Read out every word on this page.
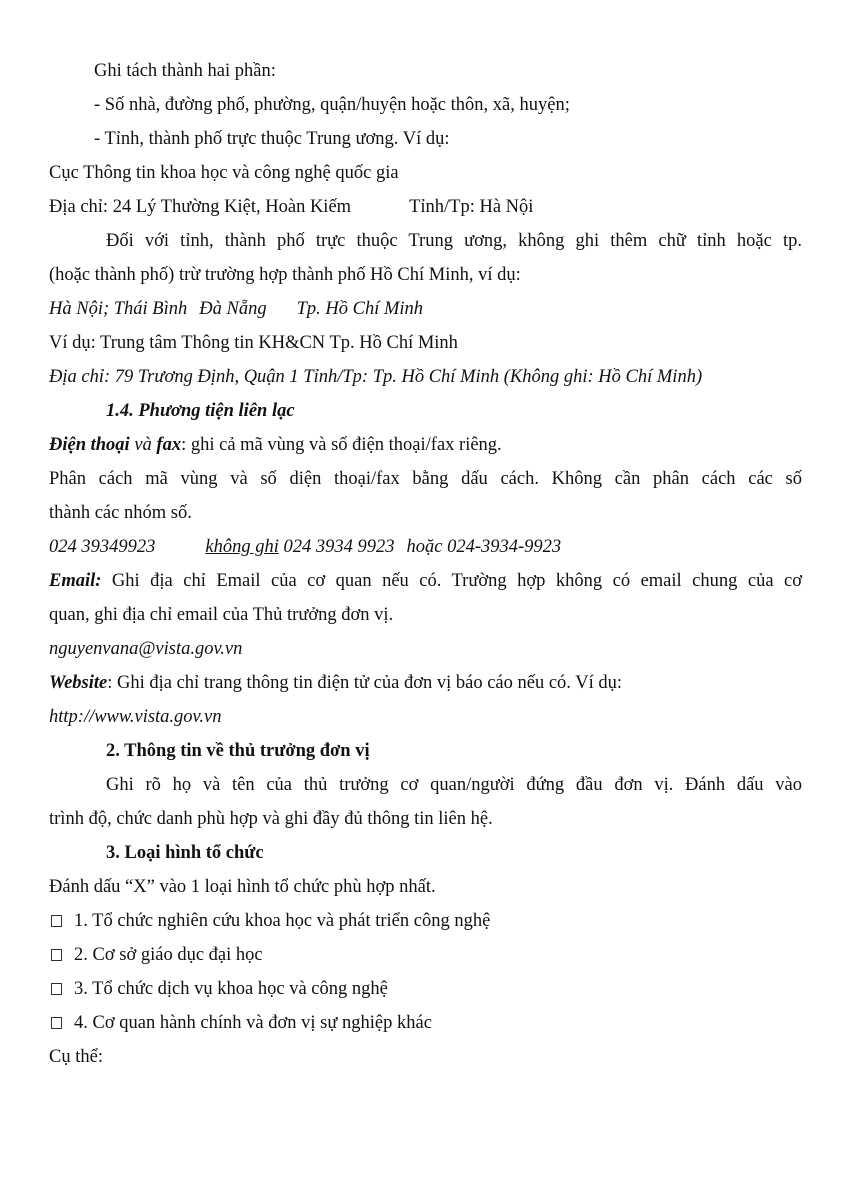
Ghi tách thành hai phần:
- Số nhà, đường phố, phường, quận/huyện hoặc thôn, xã, huyện;
- Tỉnh, thành phố trực thuộc Trung ương. Ví dụ:
Cục Thông tin khoa học và công nghệ quốc gia
Địa chỉ: 24 Lý Thường Kiệt, Hoàn Kiếm	Tỉnh/Tp: Hà Nội
Đối với tỉnh, thành phố trực thuộc Trung ương, không ghi thêm chữ tỉnh hoặc tp.
(hoặc thành phố) trừ trường hợp thành phố Hồ Chí Minh, ví dụ:
Hà Nội; Thái Bình Đà Nẵng Tp. Hồ Chí Minh
Ví dụ: Trung tâm Thông tin KH&CN Tp. Hồ Chí Minh
Địa chỉ: 79 Trương Định, Quận 1 Tỉnh/Tp: Tp. Hồ Chí Minh (Không ghi: Hồ Chí Minh)
1.4. Phương tiện liên lạc
Điện thoại và fax: ghi cả mã vùng và số điện thoại/fax riêng.
Phân cách mã vùng và số diện thoại/fax bằng dấu cách. Không cần phân cách các số
thành các nhóm số.
024 39349923	không ghi 024 3934 9923 hoặc 024-3934-9923
Email: Ghi địa chỉ Email của cơ quan nếu có. Trường hợp không có email chung của cơ
quan, ghi địa chỉ email của Thủ trưởng đơn vị.
nguyenvana@vista.gov.vn
Website: Ghi địa chỉ trang thông tin điện tử của đơn vị báo cáo nếu có. Ví dụ:
http://www.vista.gov.vn
2. Thông tin về thủ trưởng đơn vị
Ghi rõ họ và tên của thủ trưởng cơ quan/người đứng đầu đơn vị. Đánh dấu vào
trình độ, chức danh phù hợp và ghi đầy đủ thông tin liên hệ.
3. Loại hình tổ chức
Đánh dấu “X” vào 1 loại hình tổ chức phù hợp nhất.
1. Tổ chức nghiên cứu khoa học và phát triển công nghệ
2. Cơ sở giáo dục đại học
3. Tổ chức dịch vụ khoa học và công nghệ
4. Cơ quan hành chính và đơn vị sự nghiệp khác
Cụ thể:
